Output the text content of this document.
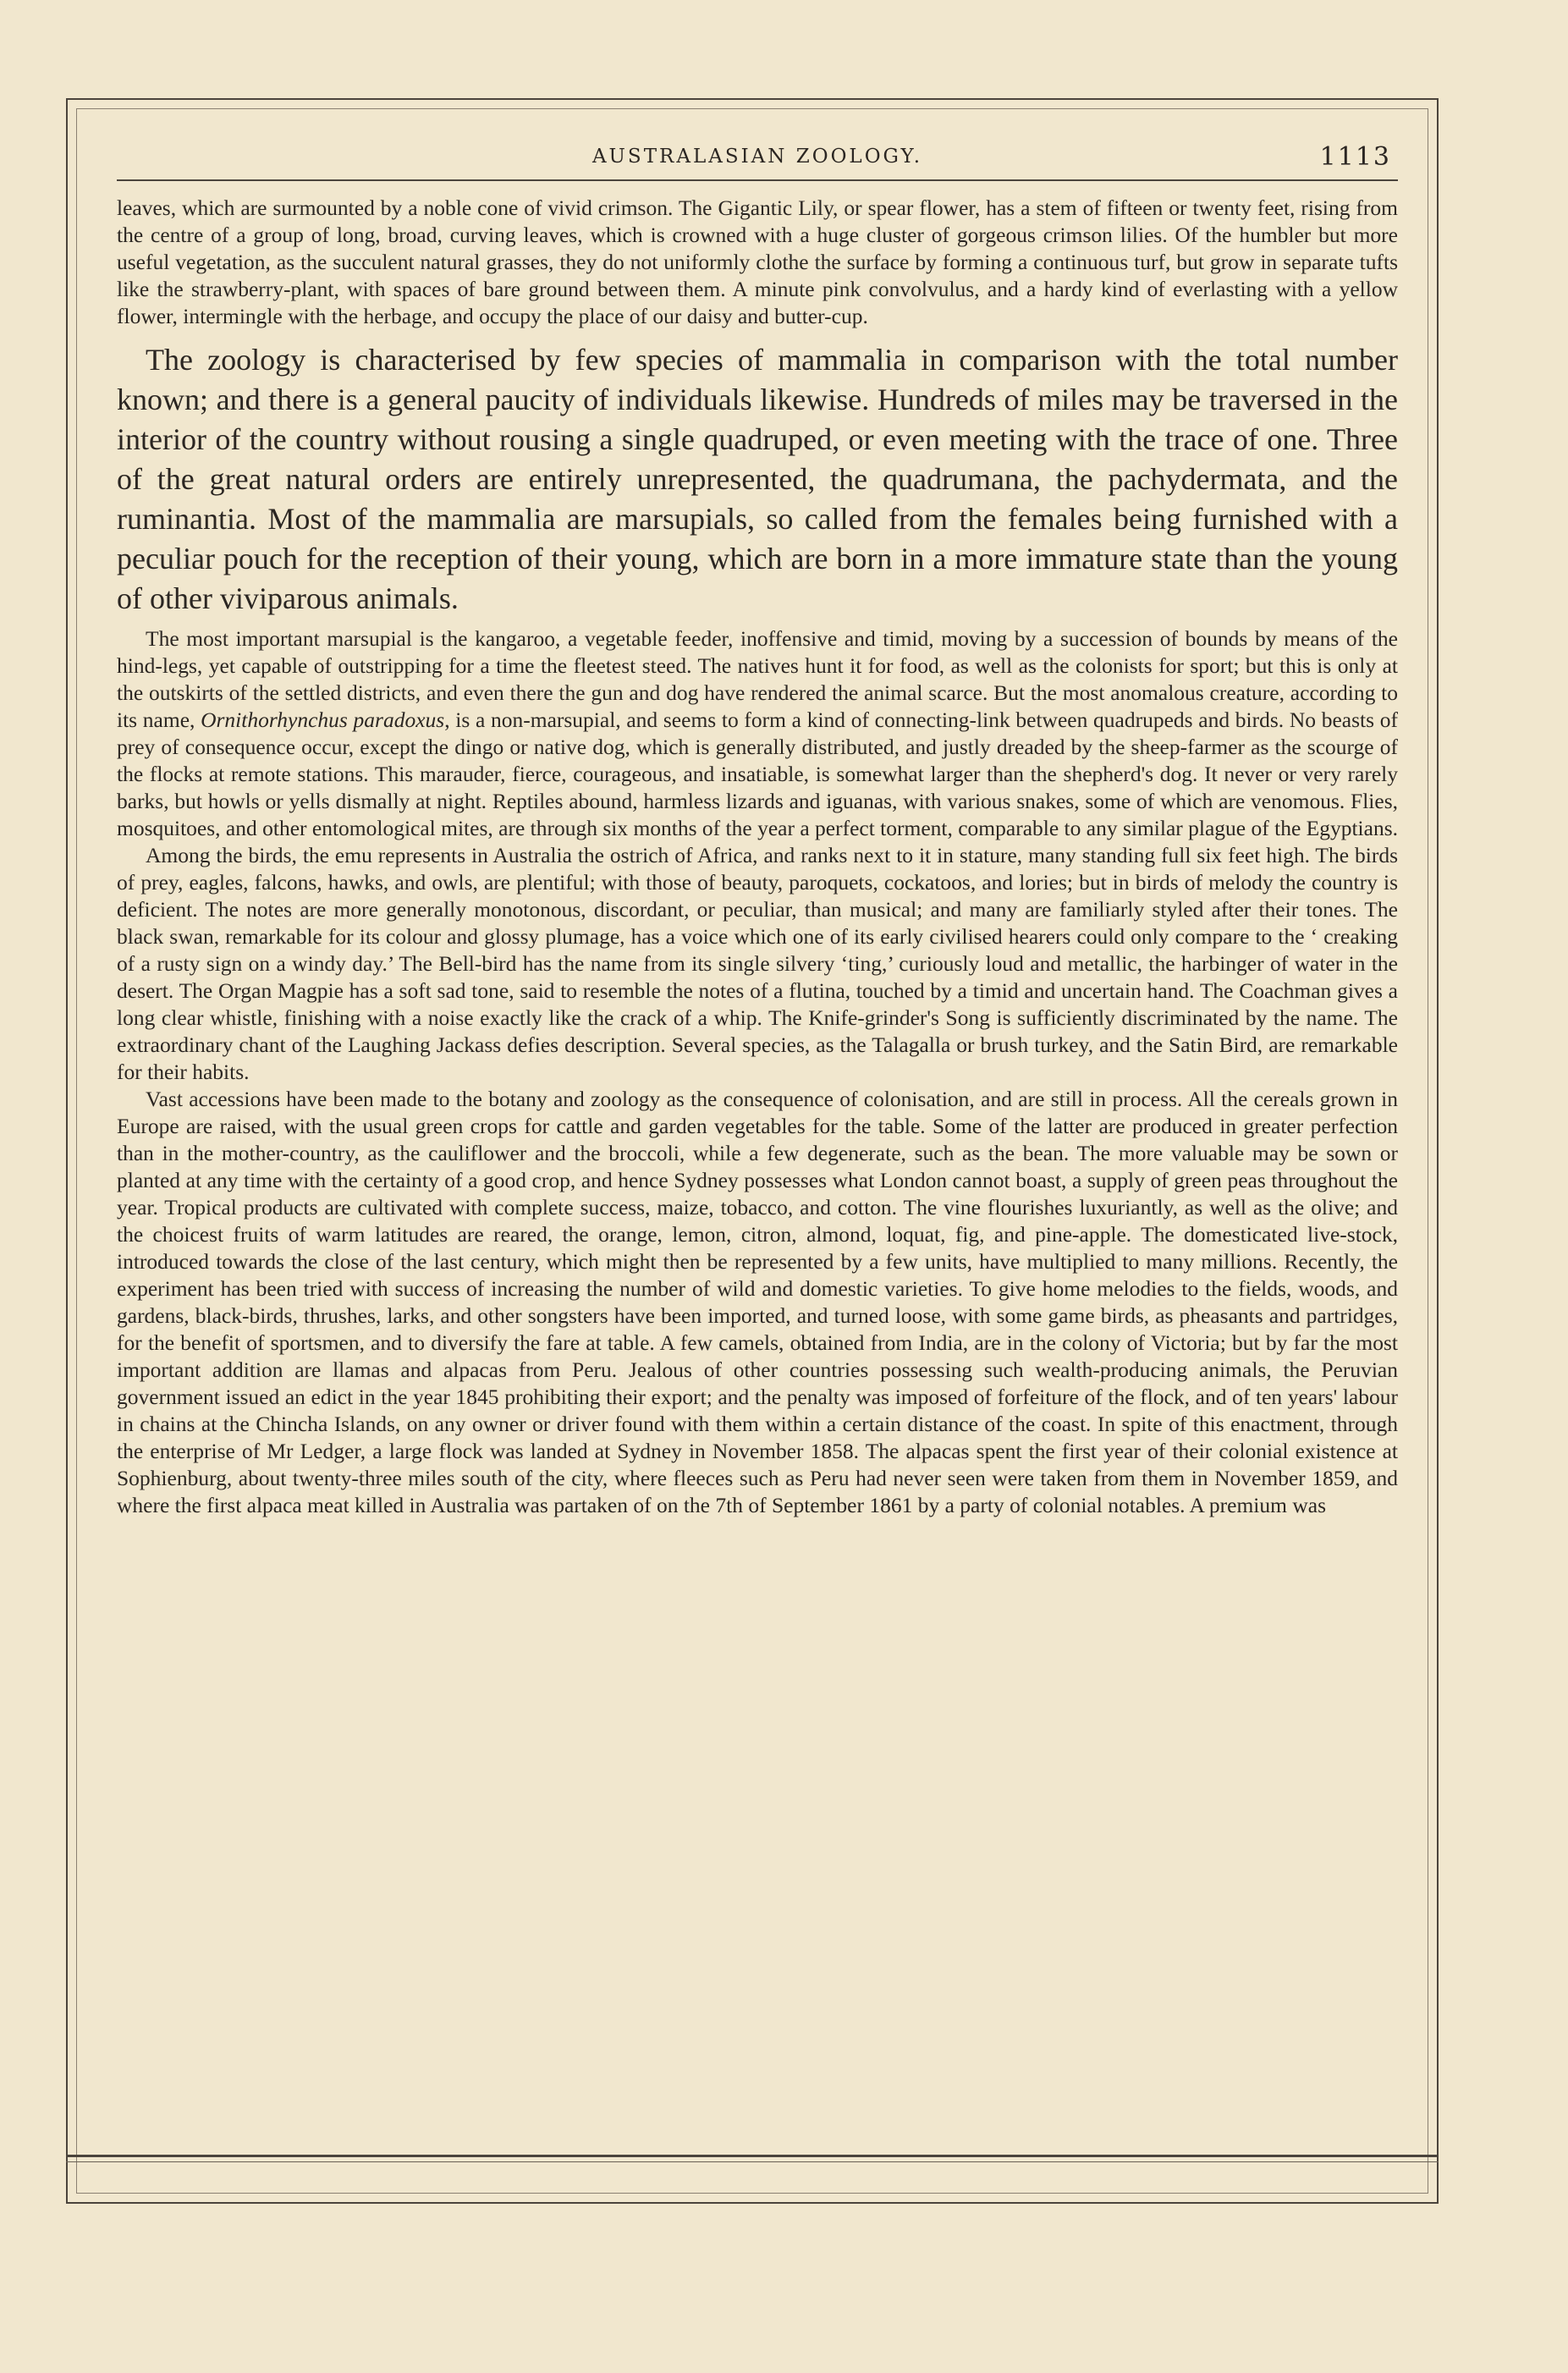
AUSTRALASIAN ZOOLOGY.	1113

leaves, which are surmounted by a noble cone of vivid crimson. The Gigantic Lily, or spear flower, has a stem of fifteen or twenty feet, rising from the centre of a group of long, broad, curving leaves, which is crowned with a huge cluster of gorgeous crimson lilies. Of the humbler but more useful vegetation, as the succulent natural grasses, they do not uniformly clothe the surface by forming a continuous turf, but grow in separate tufts like the strawberry-plant, with spaces of bare ground between them. A minute pink convolvulus, and a hardy kind of everlasting with a yellow flower, intermingle with the herbage, and occupy the place of our daisy and butter-cup.

The zoology is characterised by few species of mammalia in comparison with the total number known; and there is a general paucity of individuals likewise. Hundreds of miles may be traversed in the interior of the country without rousing a single quadruped, or even meeting with the trace of one. Three of the great natural orders are entirely unrepresented, the quadrumana, the pachydermata, and the ruminantia. Most of the mammalia are marsupials, so called from the females being furnished with a peculiar pouch for the reception of their young, which are born in a more immature state than the young of other viviparous animals.

The most important marsupial is the kangaroo, a vegetable feeder, inoffensive and timid, moving by a succession of bounds by means of the hind-legs, yet capable of outstripping for a time the fleetest steed. The natives hunt it for food, as well as the colonists for sport; but this is only at the outskirts of the settled districts, and even there the gun and dog have rendered the animal scarce. But the most anomalous creature, according to its name, Ornithorhynchus paradoxus, is a non-marsupial, and seems to form a kind of connecting-link between quadrupeds and birds. No beasts of prey of consequence occur, except the dingo or native dog, which is generally distributed, and justly dreaded by the sheep-farmer as the scourge of the flocks at remote stations. This marauder, fierce, courageous, and insatiable, is somewhat larger than the shepherd's dog. It never or very rarely barks, but howls or yells dismally at night. Reptiles abound, harmless lizards and iguanas, with various snakes, some of which are venomous. Flies, mosquitoes, and other entomological mites, are through six months of the year a perfect torment, comparable to any similar plague of the Egyptians.

Among the birds, the emu represents in Australia the ostrich of Africa, and ranks next to it in stature, many standing full six feet high. The birds of prey, eagles, falcons, hawks, and owls, are plentiful; with those of beauty, paroquets, cockatoos, and lories; but in birds of melody the country is deficient. The notes are more generally monotonous, discordant, or peculiar, than musical; and many are familiarly styled after their tones. The black swan, remarkable for its colour and glossy plumage, has a voice which one of its early civilised hearers could only compare to the ‘ creaking of a rusty sign on a windy day.’ The Bell-bird has the name from its single silvery ‘ting,’ curiously loud and metallic, the harbinger of water in the desert. The Organ Magpie has a soft sad tone, said to resemble the notes of a flutina, touched by a timid and uncertain hand. The Coachman gives a long clear whistle, finishing with a noise exactly like the crack of a whip. The Knife-grinder's Song is sufficiently discriminated by the name. The extraordinary chant of the Laughing Jackass defies description. Several species, as the Talagalla or brush turkey, and the Satin Bird, are remarkable for their habits.

Vast accessions have been made to the botany and zoology as the consequence of colonisation, and are still in process. All the cereals grown in Europe are raised, with the usual green crops for cattle and garden vegetables for the table. Some of the latter are produced in greater perfection than in the mother-country, as the cauliflower and the broccoli, while a few degenerate, such as the bean. The more valuable may be sown or planted at any time with the certainty of a good crop, and hence Sydney possesses what London cannot boast, a supply of green peas throughout the year. Tropical products are cultivated with complete success, maize, tobacco, and cotton. The vine flourishes luxuriantly, as well as the olive; and the choicest fruits of warm latitudes are reared, the orange, lemon, citron, almond, loquat, fig, and pine-apple. The domesticated live-stock, introduced towards the close of the last century, which might then be represented by a few units, have multiplied to many millions. Recently, the experiment has been tried with success of increasing the number of wild and domestic varieties. To give home melodies to the fields, woods, and gardens, black-birds, thrushes, larks, and other songsters have been imported, and turned loose, with some game birds, as pheasants and partridges, for the benefit of sportsmen, and to diversify the fare at table. A few camels, obtained from India, are in the colony of Victoria; but by far the most important addition are llamas and alpacas from Peru. Jealous of other countries possessing such wealth-producing animals, the Peruvian government issued an edict in the year 1845 prohibiting their export; and the penalty was imposed of forfeiture of the flock, and of ten years' labour in chains at the Chincha Islands, on any owner or driver found with them within a certain distance of the coast. In spite of this enactment, through the enterprise of Mr Ledger, a large flock was landed at Sydney in November 1858. The alpacas spent the first year of their colonial existence at Sophienburg, about twenty-three miles south of the city, where fleeces such as Peru had never seen were taken from them in November 1859, and where the first alpaca meat killed in Australia was partaken of on the 7th of September 1861 by a party of colonial notables. A premium was
